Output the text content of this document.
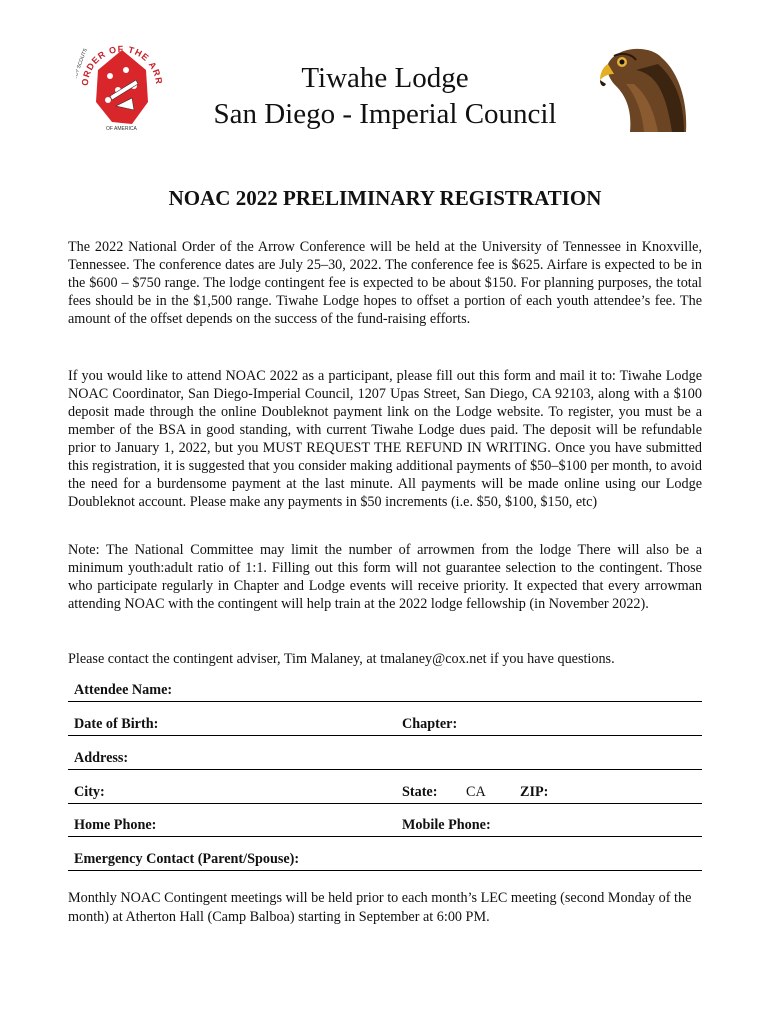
ORDER OF THE ARR
BOY SCOUTS
OF AMERICA
Tiwahe Lodge
San Diego - Imperial Council
NOAC 2022 PRELIMINARY REGISTRATION
The 2022 National Order of the Arrow Conference will be held at the University of Tennessee in Knoxville, Tennessee. The conference dates are July 25–30, 2022. The conference fee is $625. Airfare is expected to be in the $600 – $750 range. The lodge contingent fee is expected to be about $150. For planning purposes, the total fees should be in the $1,500 range. Tiwahe Lodge hopes to offset a portion of each youth attendee’s fee. The amount of the offset depends on the success of the fund-raising efforts.
If you would like to attend NOAC 2022 as a participant, please fill out this form and mail it to: Tiwahe Lodge NOAC Coordinator, San Diego-Imperial Council, 1207 Upas Street, San Diego, CA 92103, along with a $100 deposit made through the online Doubleknot payment link on the Lodge website. To register, you must be a member of the BSA in good standing, with current Tiwahe Lodge dues paid. The deposit will be refundable prior to January 1, 2022, but you MUST REQUEST THE REFUND IN WRITING. Once you have submitted this registration, it is suggested that you consider making additional payments of $50–$100 per month, to avoid the need for a burdensome payment at the last minute. All payments will be made online using our Lodge Doubleknot account. Please make any payments in $50 increments (i.e. $50, $100, $150, etc)
Note: The National Committee may limit the number of arrowmen from the lodge There will also be a minimum youth:adult ratio of 1:1. Filling out this form will not guarantee selection to the contingent. Those who participate regularly in Chapter and Lodge events will receive priority. It expected that every arrowman attending NOAC with the contingent will help train at the 2022 lodge fellowship (in November 2022).
Please contact the contingent adviser, Tim Malaney, at tmalaney@cox.net if you have questions.
Attendee Name:
Date of Birth:	Chapter:
Address:
City:	State: CA ZIP:
Home Phone:	Mobile Phone:
Emergency Contact (Parent/Spouse):
Monthly NOAC Contingent meetings will be held prior to each month’s LEC meeting (second Monday of the month) at Atherton Hall (Camp Balboa) starting in September at 6:00 PM.
